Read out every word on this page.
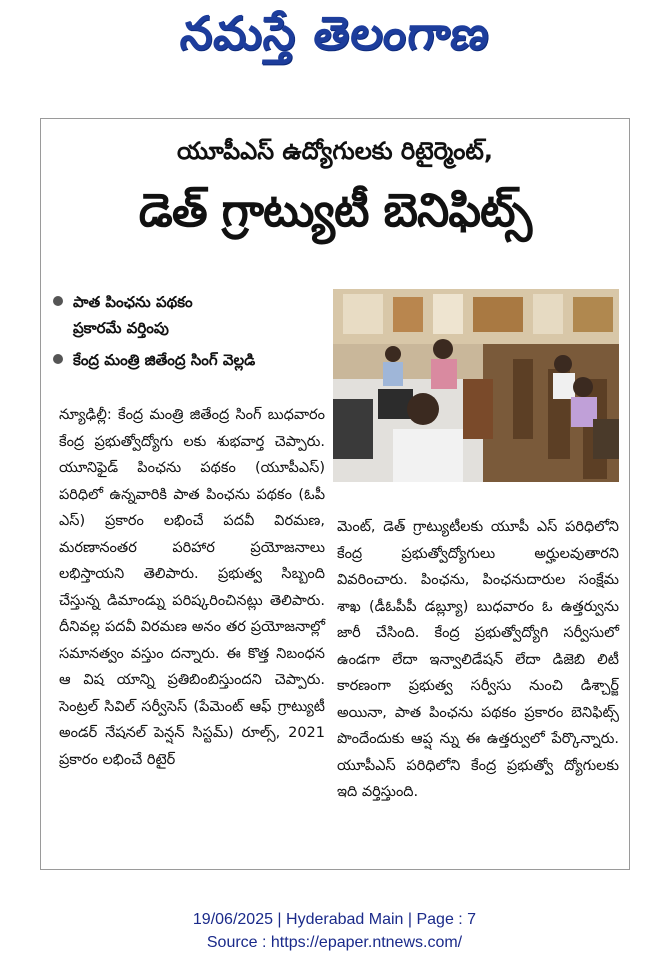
నమస్తే తెలంగాణ
యూపీఎస్ ఉద్యోగులకు రిటైర్మెంట్,
డెత్ గ్రాట్యుటీ బెనిఫిట్స్
పాత పింఛను పథకం
ప్రకారమే వర్తింపు
కేంద్ర మంత్రి జితేంద్ర సింగ్ వెల్లడి
న్యూఢిల్లీ: కేంద్ర మంత్రి జితేంద్ర సింగ్ బుధవారం కేంద్ర ప్రభుత్వోద్యోగు లకు శుభవార్త చెప్పారు. యూనిఫైడ్ పింఛను పథకం (యూపీఎస్) పరిధిలో ఉన్నవారికి పాత పింఛను పథకం (ఓపీ ఎస్) ప్రకారం లభించే పదవీ విరమణ, మరణానంతర పరిహార ప్రయోజనాలు లభిస్తాయని తెలిపారు. ప్రభుత్వ సిబ్బంది చేస్తున్న డిమాండ్ను పరిష్కరించినట్లు తెలిపారు. దీనివల్ల పదవీ విరమణ అనం తర ప్రయోజనాల్లో సమానత్వం వస్తుం దన్నారు. ఈ కొత్త నిబంధన ఆ విష యాన్ని ప్రతిబింబిస్తుందని చెప్పారు. సెంట్రల్ సివిల్ సర్వీసెస్ (పేమెంట్ ఆఫ్ గ్రాట్యుటీ అండర్ నేషనల్ పెన్షన్ సిస్టమ్) రూల్స్, 2021 ప్రకారం లభించే రిటైర్
మెంట్, డెత్ గ్రాట్యుటీలకు యూపీ ఎస్ పరిధిలోని కేంద్ర ప్రభుత్వోద్యోగులు అర్హులవుతారని వివరించారు. పింఛను, పింఛనుదారుల సంక్షేమ శాఖ (డీఓపీపీ డబ్ల్యూ) బుధవారం ఓ ఉత్తర్వును జారీ చేసింది. కేంద్ర ప్రభుత్వోద్యోగి సర్వీసులో ఉండగా లేదా ఇన్వాలిడేషన్ లేదా డిజెబి లిటీ కారణంగా ప్రభుత్వ సర్వీసు నుంచి డిశ్చార్జ్ అయినా, పాత పింఛను పథకం ప్రకారం బెనిఫిట్స్ పొందేందుకు ఆప్ష న్ను ఈ ఉత్తర్వులో పేర్కొన్నారు. యూపీఎస్ పరిధిలోని కేంద్ర ప్రభుత్వో ద్యోగులకు ఇది వర్తిస్తుంది.
19/06/2025 | Hyderabad Main | Page : 7
Source : https://epaper.ntnews.com/
